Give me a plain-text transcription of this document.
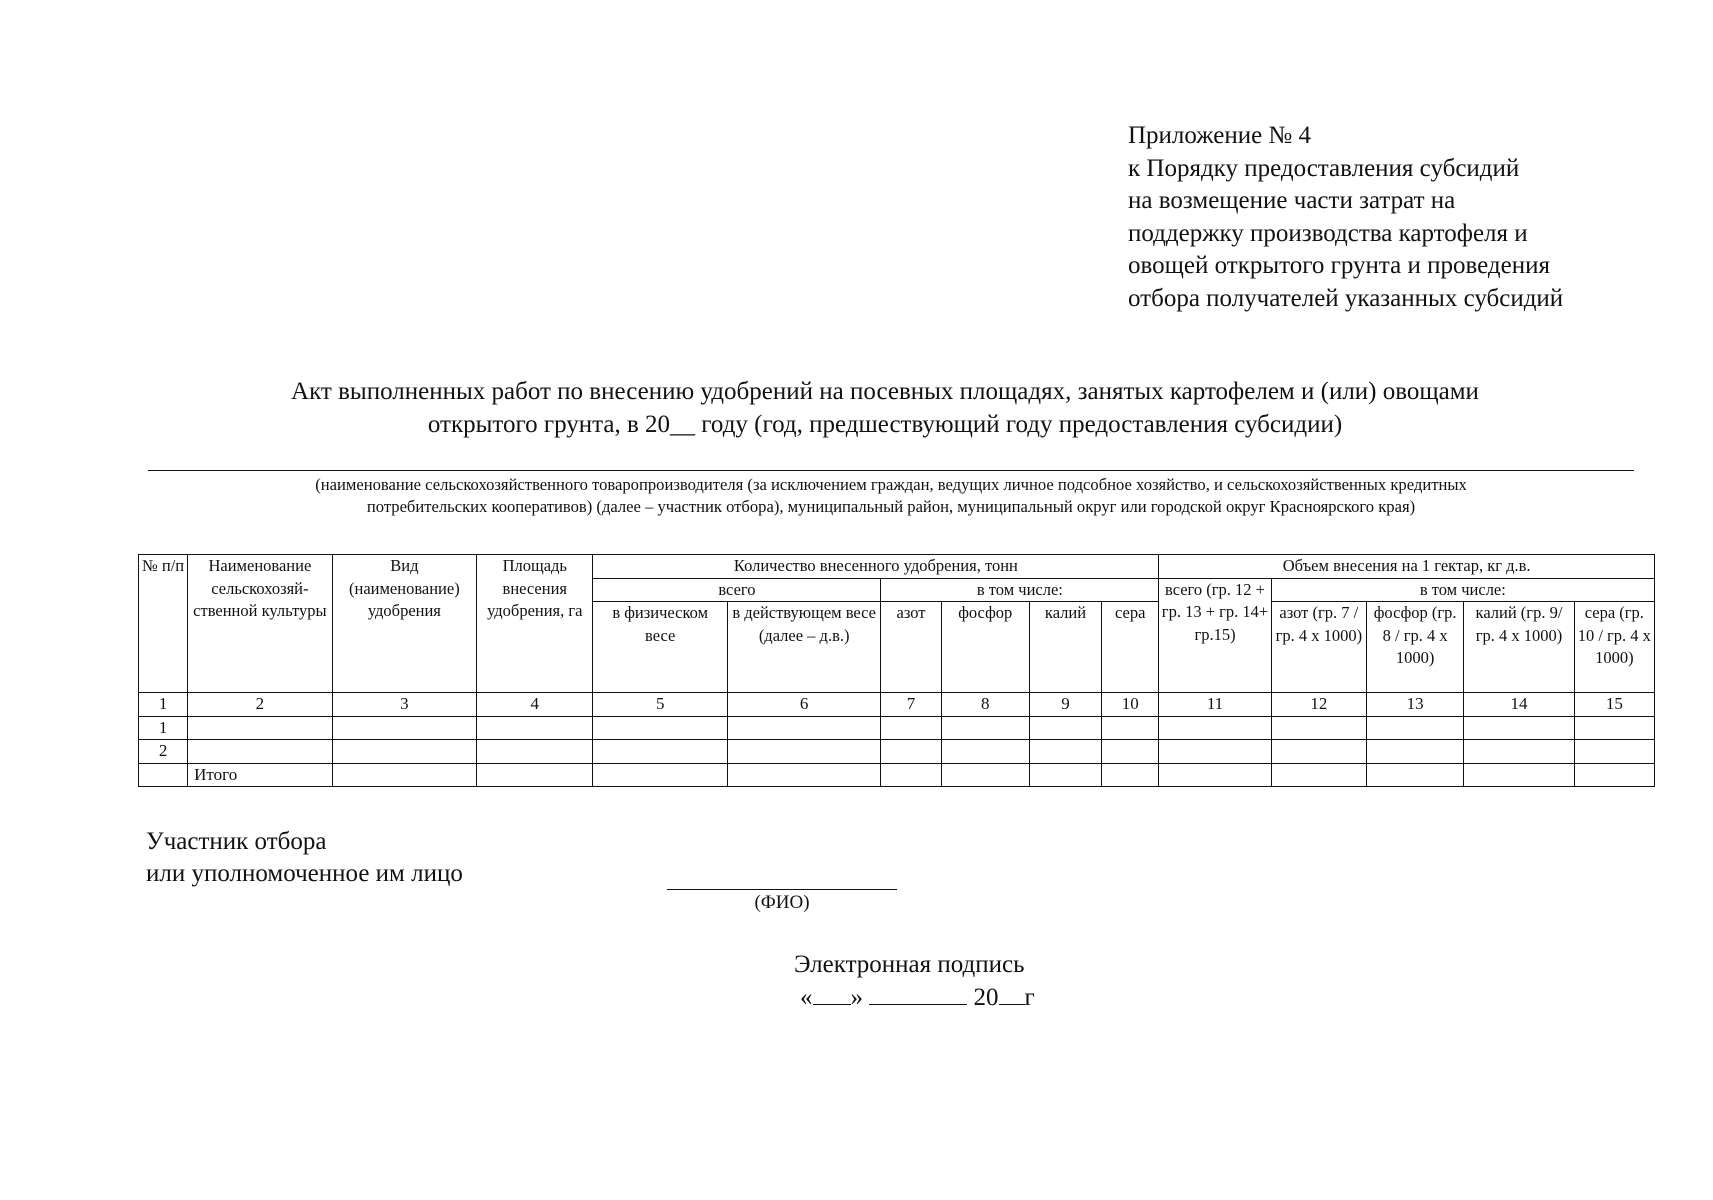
Приложение № 4
к Порядку предоставления субсидий
на возмещение части затрат на
поддержку производства картофеля и
овощей открытого грунта и проведения
отбора получателей указанных субсидий
Акт выполненных работ по внесению удобрений на посевных площадях, занятых картофелем и (или) овощами
открытого грунта, в 20__ году (год, предшествующий году предоставления субсидии)
(наименование сельскохозяйственного товаропроизводителя (за исключением граждан, ведущих личное подсобное хозяйство, и сельскохозяйственных кредитных
потребительских кооперативов) (далее – участник отбора), муниципальный район, муниципальный округ или городской округ Красноярского края)
№ п/п	Наименование сельскохозяй- ственной культуры	Вид (наименование) удобрения	Площадь внесения удобрения, га	Количество внесенного удобрения, тонн						Объем внесения на 1 гектар, кг д.в.				
				всего		в том числе:				всего (гр. 12 + гр. 13 + гр. 14+ гр.15)	в том числе:			
				в физическом весе	в действующем весе (далее – д.в.)	азот	фосфор	калий	сера		азот (гр. 7 / гр. 4 х 1000)	фосфор (гр. 8 / гр. 4 х 1000)	калий (гр. 9/гр. 4 х 1000)	сера (гр. 10 / гр. 4 х 1000)
1	2	3	4	5	6	7	8	9	10	11	12	13	14	15
1														
2														
	Итого													
Участник отбора
или уполномоченное им лицо
(ФИО)
Электронная подпись
« »	20 г
